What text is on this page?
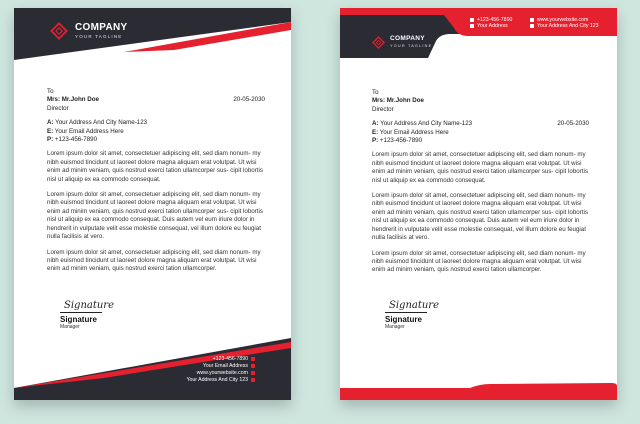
COMPANY
YOUR TAGLINE
To
Mrs: Mr.John Doe	20-05-2030
Director
A: Your Address And City Name-123
E: Your Email Address Here
P: +123-456-7890

Lorem ipsum dolor sit amet, consectetuer adipiscing elit, sed diam nonum- my nibh euismod tincidunt ut laoreet dolore magna aliquam erat volutpat. Ut wisi enim ad minim veniam, quis nostrud exerci tation ullamcorper sus- cipit lobortis nisl ut aliquip ex ea commodo consequat.

Lorem ipsum dolor sit amet, consectetuer adipiscing elit, sed diam nonum- my nibh euismod tincidunt ut laoreet dolore magna aliquam erat volutpat. Ut wisi enim ad minim veniam, quis nostrud exerci tation ullamcorper sus- cipit lobortis nisl ut aliquip ex ea commodo consequat. Duis autem vel eum iriure dolor in hendrerit in vulputate velit esse molestie consequat, vel illum dolore eu feugiat nulla facilisis at vero.

Lorem ipsum dolor sit amet, consectetuer adipiscing elit, sed diam nonum- my nibh euismod tincidunt ut laoreet dolore magna aliquam erat volutpat. Ut wisi enim ad minim veniam, quis nostrud exerci tation ullamcorper.

Signature
Signature
Manager
+123-456-7890
Your Email Address
www.yourwebsite.com
Your Address And City 123
COMPANY
YOUR TAGLINE
+123-456-7890
Your Address
www.yourwebsite.com
Your Address And City 123
To
Mrs: Mr.John Doe
Director
A: Your Address And City Name-123	20-05-2030
E: Your Email Address Here
P: +123-456-7890

Lorem ipsum dolor sit amet, consectetuer adipiscing elit, sed diam nonum- my nibh euismod tincidunt ut laoreet dolore magna aliquam erat volutpat. Ut wisi enim ad minim veniam, quis nostrud exerci tation ullamcorper sus- cipit lobortis nisl ut aliquip ex ea commodo consequat.

Lorem ipsum dolor sit amet, consectetuer adipiscing elit, sed diam nonum- my nibh euismod tincidunt ut laoreet dolore magna aliquam erat volutpat. Ut wisi enim ad minim veniam, quis nostrud exerci tation ullamcorper sus- cipit lobortis nisl ut aliquip ex ea commodo consequat. Duis autem vel eum iriure dolor in hendrerit in vulputate velit esse molestie consequat, vel illum dolore eu feugiat nulla facilisis at vero.

Lorem ipsum dolor sit amet, consectetuer adipiscing elit, sed diam nonum- my nibh euismod tincidunt ut laoreet dolore magna aliquam erat volutpat. Ut wisi enim ad minim veniam, quis nostrud exerci tation ullamcorper.

Signature
Signature
Manager
